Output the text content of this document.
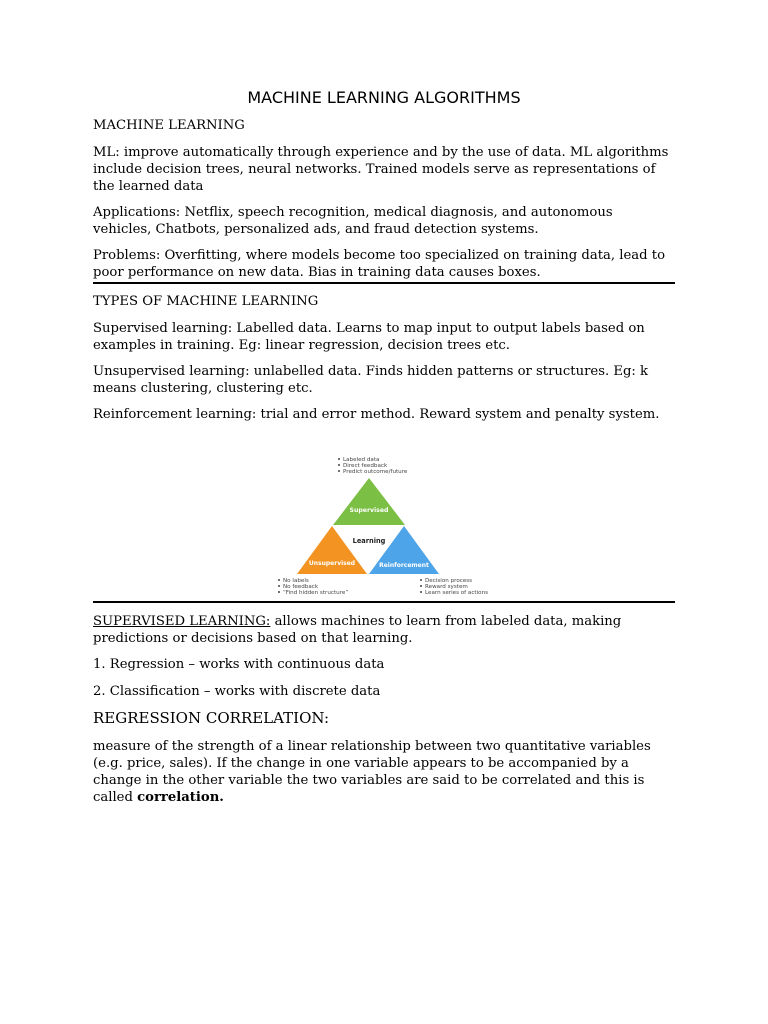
MACHINE LEARNING ALGORITHMS

MACHINE LEARNING

ML: improve automatically through experience and by the use of data. ML algorithms include decision trees, neural networks. Trained models serve as representations of the learned data

Applications: Netflix, speech recognition, medical diagnosis, and autonomous vehicles, Chatbots, personalized ads, and fraud detection systems.

Problems: Overfitting, where models become too specialized on training data, lead to poor performance on new data. Bias in training data causes boxes.

TYPES OF MACHINE LEARNING

Supervised learning: Labelled data. Learns to map input to output labels based on examples in training. Eg: linear regression, decision trees etc.

Unsupervised learning: unlabelled data. Finds hidden patterns or structures. Eg: k means clustering, clustering etc.

Reinforcement learning: trial and error method. Reward system and penalty system.

Labeled data
Direct feedback
Predict outcome/future
Supervised
Learning
Unsupervised	Reinforcement
No labels
No feedback
“Find hidden structure”
Decision process
Reward system
Learn series of actions

SUPERVISED LEARNING: allows machines to learn from labeled data, making predictions or decisions based on that learning.

1. Regression – works with continuous data

2. Classification – works with discrete data

REGRESSION CORRELATION:

measure of the strength of a linear relationship between two quantitative variables (e.g. price, sales). If the change in one variable appears to be accompanied by a change in the other variable the two variables are said to be correlated and this is called correlation.
